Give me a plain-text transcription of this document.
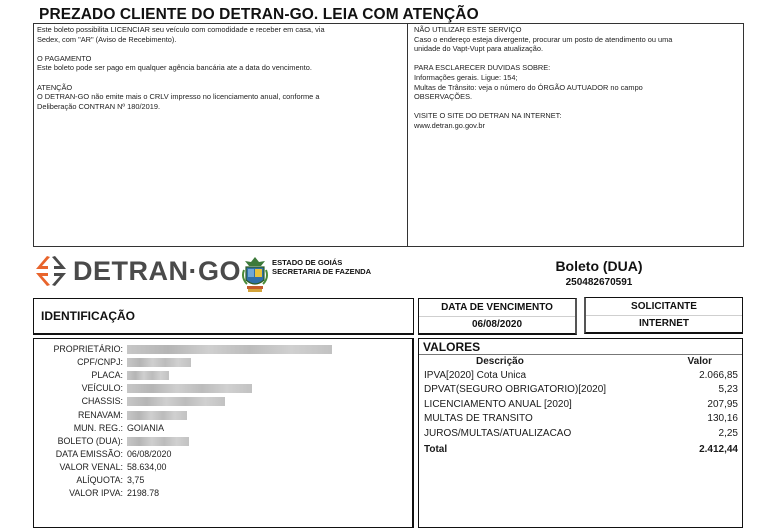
PREZADO CLIENTE DO DETRAN-GO. LEIA COM ATENÇÃO

Este boleto possibilita LICENCIAR seu veículo com comodidade e receber em casa, via
Sedex, com "AR" (Aviso de Recebimento).

O PAGAMENTO
Este boleto pode ser pago em qualquer agência bancária ate a data do vencimento.

ATENÇÃO
O DETRAN-GO não emite mais o CRLV impresso no licenciamento anual, conforme a
Deliberação CONTRAN Nº 180/2019.

NÃO UTILIZAR ESTE SERVIÇO
Caso o endereço esteja divergente, procurar um posto de atendimento ou uma
unidade do Vapt-Vupt para atualização.

PARA ESCLARECER DUVIDAS SOBRE:
Informações gerais. Ligue: 154;
Multas de Trânsito: veja o número do ÓRGÃO AUTUADOR no campo
OBSERVAÇÕES.

VISITE O SITE DO DETRAN NA INTERNET:
www.detran.go.gov.br

DETRAN·GO	ESTADO DE GOIÁS
SECRETARIA DE FAZENDA	Boleto (DUA)
250482670591
IDENTIFICAÇÃO
DATA DE VENCIMENTO
06/08/2020
SOLICITANTE
INTERNET
PROPRIETÁRIO:
CPF/CNPJ:
PLACA:
VEÍCULO:
CHASSIS:
RENAVAM:
MUN. REG.: GOIANIA
BOLETO (DUA):
DATA EMISSÃO: 06/08/2020
VALOR VENAL: 58.634,00
ALÍQUOTA: 3,75
VALOR IPVA: 2198.78
VALORES
Descrição	Valor
IPVA[2020] Cota Unica	2.066,85
DPVAT(SEGURO OBRIGATORIO)[2020]	5,23
LICENCIAMENTO ANUAL [2020]	207,95
MULTAS DE TRANSITO	130,16
JUROS/MULTAS/ATUALIZACAO	2,25
Total	2.412,44
